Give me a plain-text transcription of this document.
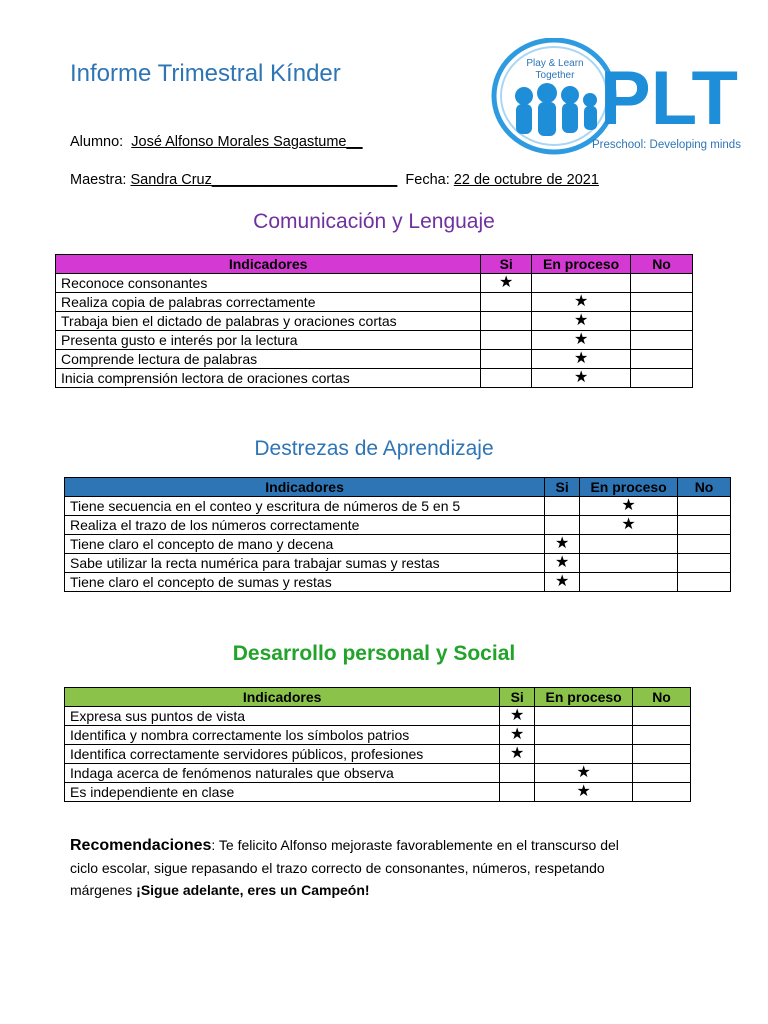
Informe Trimestral Kínder	Play & Learn
Together PLT
Preschool: Developing minds
Alumno: José Alfonso Morales Sagastume__
Maestra: Sandra Cruz_______________________ Fecha: 22 de octubre de 2021
Comunicación y Lenguaje
Indicadores	Si	En proceso	No
Reconoce consonantes	★		
Realiza copia de palabras correctamente		★	
Trabaja bien el dictado de palabras y oraciones cortas		★	
Presenta gusto e interés por la lectura		★	
Comprende lectura de palabras		★	
Inicia comprensión lectora de oraciones cortas		★	
Destrezas de Aprendizaje
Indicadores	Si	En proceso	No
Tiene secuencia en el conteo y escritura de números de 5 en 5		★	
Realiza el trazo de los números correctamente		★	
Tiene claro el concepto de mano y decena	★		
Sabe utilizar la recta numérica para trabajar sumas y restas	★		
Tiene claro el concepto de sumas y restas	★		
Desarrollo personal y Social
Indicadores	Si	En proceso	No
Expresa sus puntos de vista	★		
Identifica y nombra correctamente los símbolos patrios	★		
Identifica correctamente servidores públicos, profesiones	★		
Indaga acerca de fenómenos naturales que observa		★	
Es independiente en clase		★	
Recomendaciones: Te felicito Alfonso mejoraste favorablemente en el transcurso del ciclo escolar, sigue repasando el trazo correcto de consonantes, números, respetando márgenes ¡Sigue adelante, eres un Campeón!
